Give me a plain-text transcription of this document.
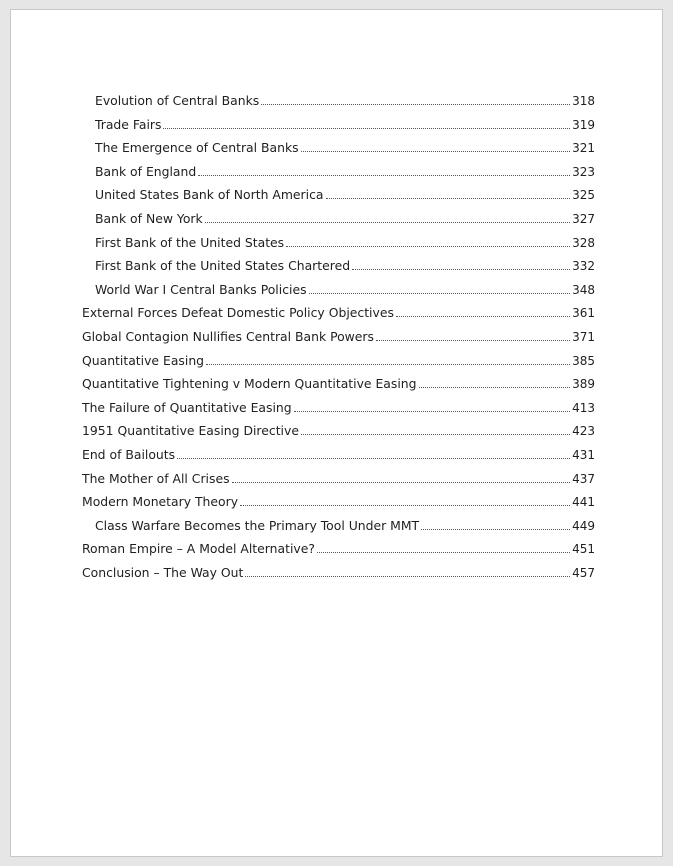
Evolution of Central Banks	318
Trade Fairs	319
The Emergence of Central Banks	321
Bank of England	323
United States Bank of North America	325
Bank of New York	327
First Bank of the United States	328
First Bank of the United States Chartered	332
World War I Central Banks Policies	348
External Forces Defeat Domestic Policy Objectives	361
Global Contagion Nullifies Central Bank Powers	371
Quantitative Easing	385
Quantitative Tightening v Modern Quantitative Easing	389
The Failure of Quantitative Easing	413
1951 Quantitative Easing Directive	423
End of Bailouts	431
The Mother of All Crises	437
Modern Monetary Theory	441
Class Warfare Becomes the Primary Tool Under MMT	449
Roman Empire – A Model Alternative?	451
Conclusion – The Way Out	457
